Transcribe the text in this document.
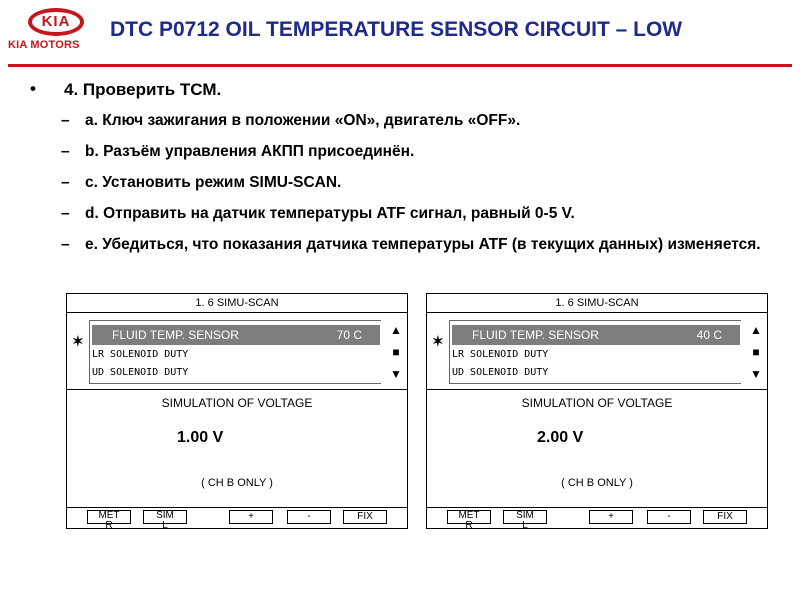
KIA
KIA MOTORS
DTC P0712 OIL TEMPERATURE SENSOR CIRCUIT – LOW
• 4. Проверить ТСМ.
– a. Ключ зажигания в положении «ON», двигатель «OFF».
– b. Разъём управления АКПП присоединён.
– c. Установить режим SIMU-SCAN.
– d. Отправить на датчик температуры ATF сигнал, равный 0-5 V.
– e. Убедиться, что показания датчика температуры ATF (в текущих данных) изменяется.
1. 6 SIMU-SCAN
✶ FLUID TEMP. SENSOR	70 C
LR SOLENOID DUTY
UD SOLENOID DUTY
▲
■
▼
SIMULATION OF VOLTAGE
1.00 V
( CH B ONLY )
MET
R
SIM
L
+	-	FIX
1. 6 SIMU-SCAN
✶ FLUID TEMP. SENSOR	40 C
LR SOLENOID DUTY
UD SOLENOID DUTY
▲
■
▼
SIMULATION OF VOLTAGE
2.00 V
( CH B ONLY )
MET
R
SIM
L
+	-	FIX
